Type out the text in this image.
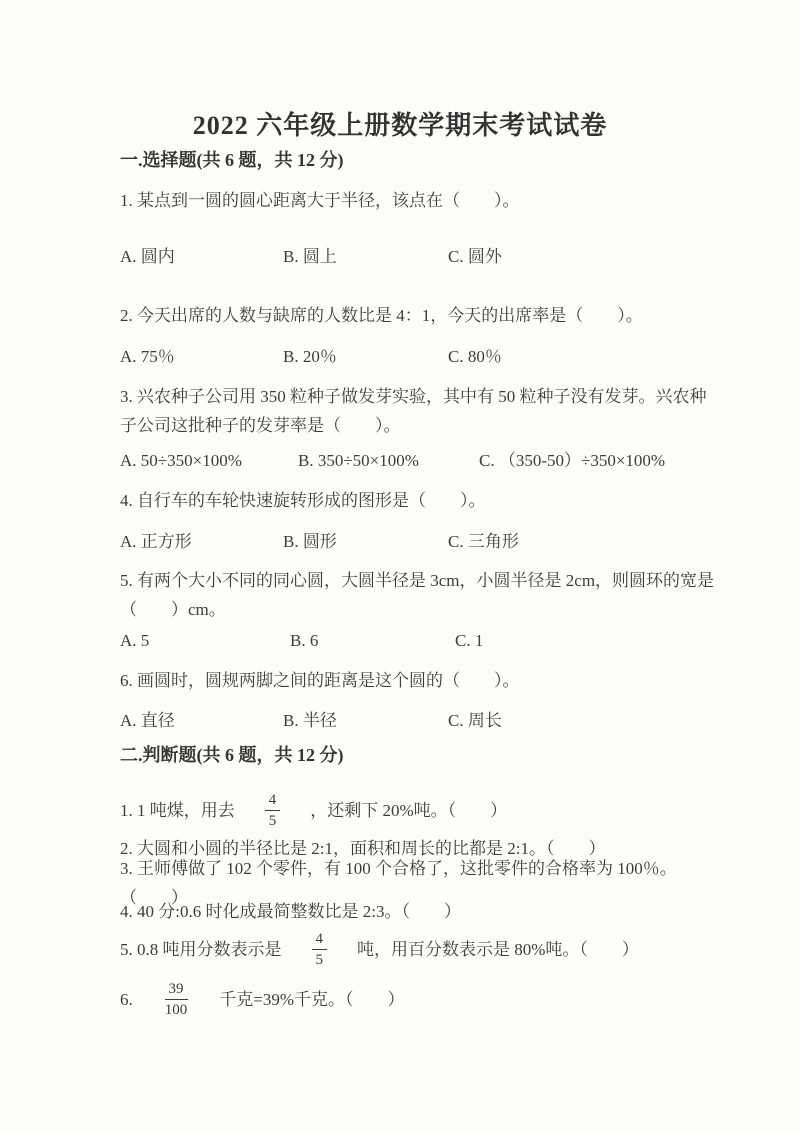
2022 六年级上册数学期末考试试卷
一.选择题(共 6 题，共 12 分)
1. 某点到一圆的圆心距离大于半径，该点在（　　）。
A. 圆内	B. 圆上	C. 圆外
2. 今天出席的人数与缺席的人数比是 4：1，今天的出席率是（　　）。
A. 75％	B. 20％	C. 80％
3. 兴农种子公司用 350 粒种子做发芽实验，其中有 50 粒种子没有发芽。兴农种
子公司这批种子的发芽率是（　　）。
A. 50÷350×100%	B. 350÷50×100%	C. （350-50）÷350×100%
4. 自行车的车轮快速旋转形成的图形是（　　）。
A. 正方形	B. 圆形	C. 三角形
5. 有两个大小不同的同心圆，大圆半径是 3cm，小圆半径是 2cm，则圆环的宽是
（　　）cm。
A. 5	B. 6	C. 1
6. 画圆时，圆规两脚之间的距离是这个圆的（　　）。
A. 直径	B. 半径	C. 周长
二.判断题(共 6 题，共 12 分)
1. 1 吨煤，用去 $\frac{4}{5}$ ，还剩下 20%吨。（　　）
2. 大圆和小圆的半径比是 2:1，面积和周长的比都是 2:1。（　　）
3. 王师傅做了 102 个零件，有 100 个合格了，这批零件的合格率为 100％。
（　　）
4. 40 分:0.6 时化成最简整数比是 2:3。（　　）
5. 0.8 吨用分数表示是 $\frac{4}{5}$ 吨，用百分数表示是 80%吨。（　　）
6. $\frac{39}{100}$ 千克=39%千克。（　　）
